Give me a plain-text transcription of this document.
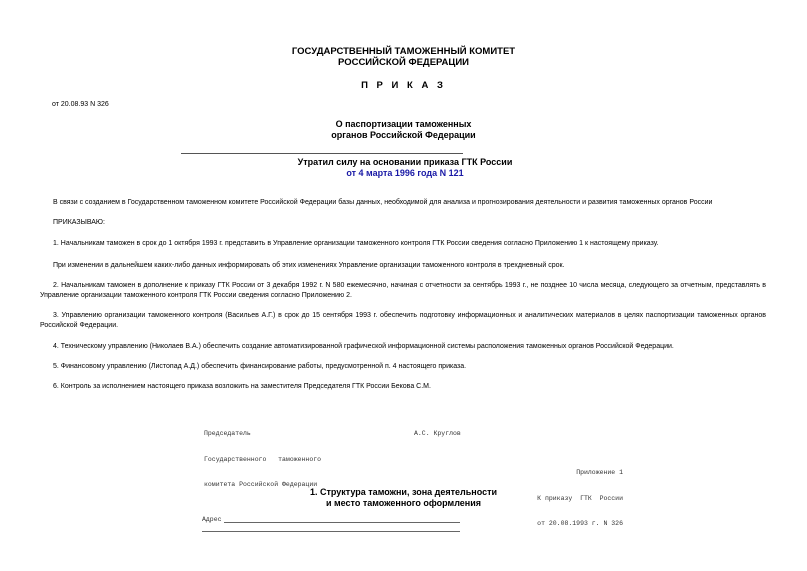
ГОСУДАРСТВЕННЫЙ ТАМОЖЕННЫЙ КОМИТЕТ
РОССИЙСКОЙ ФЕДЕРАЦИИ
П Р И К А З
от 20.08.93 N 326
О паспортизации таможенных
органов Российской Федерации
Утратил силу на основании приказа ГТК России
от 4 марта 1996 года N 121
В связи с созданием в Государственном таможенном комитете Российской Федерации базы данных, необходимой для анализа и прогнозирования деятельности и развития таможенных органов России
ПРИКАЗЫВАЮ:
1. Начальникам таможен в срок до 1 октября 1993 г. представить в Управление организации таможенного контроля ГТК России сведения согласно Приложению 1 к настоящему приказу.
При изменении в дальнейшем каких-либо данных информировать об этих изменениях Управление организации таможенного контроля в трехдневный срок.
2. Начальникам таможен в дополнение к приказу ГТК России от 3 декабря 1992 г. N 580 ежемесячно, начиная с отчетности за сентябрь 1993 г., не позднее 10 числа месяца, следующего за отчетным, представлять в Управление организации таможенного контроля ГТК России сведения согласно Приложению 2.
3. Управлению организации таможенного контроля (Васильев А.Г.) в срок до 15 сентября 1993 г. обеспечить подготовку информационных и аналитических материалов в целях паспортизации таможенных органов Российской Федерации.
4. Техническому управлению (Николаев В.А.) обеспечить создание автоматизированной графической информационной системы расположения таможенных органов Российской Федерации.
5. Финансовому управлению (Листопад А.Д.) обеспечить финансирование работы, предусмотренной п. 4 настоящего приказа.
6. Контроль за исполнением настоящего приказа возложить на заместителя Председателя ГТК России Бекова С.М.

Председатель

Государственного   таможенного

комитета Российской Федерации

А.С. Круглов

Приложение 1

К приказу  ГТК  России

от 20.08.1993 г. N 326

1. Структура таможни, зона деятельности
и место таможенного оформления
Адрес
